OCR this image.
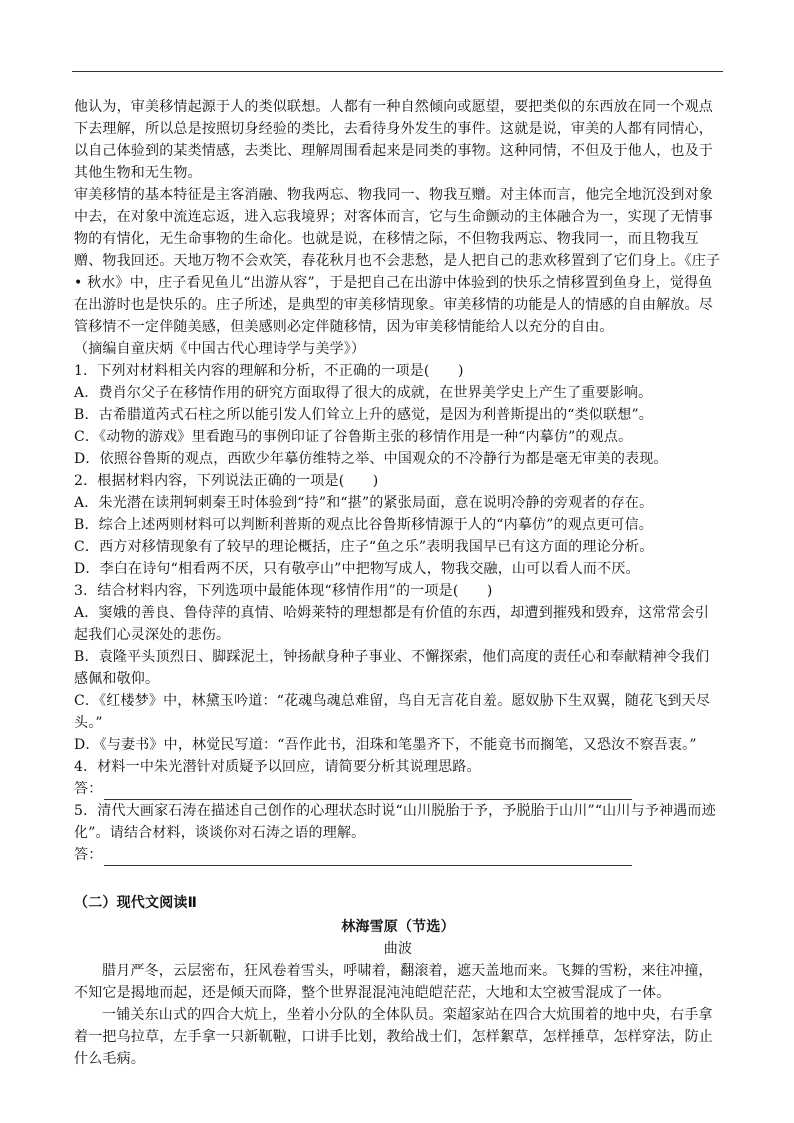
他认为，审美移情起源于人的类似联想。人都有一种自然倾向或愿望，要把类似的东西放在同一个观点下去理解，所以总是按照切身经验的类比，去看待身外发生的事件。这就是说，审美的人都有同情心，以自己体验到的某类情感，去类比、理解周围看起来是同类的事物。这种同情，不但及于他人，也及于其他生物和无生物。

审美移情的基本特征是主客消融、物我两忘、物我同一、物我互赠。对主体而言，他完全地沉没到对象中去，在对象中流连忘返，进入忘我境界；对客体而言，它与生命颤动的主体融合为一，实现了无情事物的有情化，无生命事物的生命化。也就是说，在移情之际，不但物我两忘、物我同一，而且物我互赠、物我回还。天地万物不会欢笑，春花秋月也不会悲愁，是人把自己的悲欢移置到了它们身上。《庄子 • 秋水》中，庄子看见鱼儿“出游从容”，于是把自己在出游中体验到的快乐之情移置到鱼身上，觉得鱼在出游时也是快乐的。庄子所述，是典型的审美移情现象。审美移情的功能是人的情感的自由解放。尽管移情不一定伴随美感，但美感则必定伴随移情，因为审美移情能给人以充分的自由。

（摘编自童庆炳《中国古代心理诗学与美学》）

1．下列对材料相关内容的理解和分析，不正确的一项是(　　)

A．费肖尔父子在移情作用的研究方面取得了很大的成就，在世界美学史上产生了重要影响。

B．古希腊道芮式石柱之所以能引发人们耸立上升的感觉，是因为利普斯提出的“类似联想”。

C．《动物的游戏》里看跑马的事例印证了谷鲁斯主张的移情作用是一种“内摹仿”的观点。

D．依照谷鲁斯的观点，西欧少年摹仿维特之举、中国观众的不冷静行为都是毫无审美的表现。

2．根据材料内容，下列说法正确的一项是(　　)

A．朱光潜在读荆轲刺秦王时体验到“持”和“揕”的紧张局面，意在说明冷静的旁观者的存在。

B．综合上述两则材料可以判断利普斯的观点比谷鲁斯移情源于人的“内摹仿”的观点更可信。

C．西方对移情现象有了较早的理论概括，庄子“鱼之乐”表明我国早已有这方面的理论分析。

D．李白在诗句“相看两不厌，只有敬亭山”中把物写成人，物我交融，山可以看人而不厌。

3．结合材料内容，下列选项中最能体现“移情作用”的一项是(　　)

A．窦娥的善良、鲁侍萍的真情、哈姆莱特的理想都是有价值的东西，却遭到摧残和毁弃，这常常会引起我们心灵深处的悲伤。

B．袁隆平头顶烈日、脚踩泥土，钟扬献身种子事业、不懈探索，他们高度的责任心和奉献精神令我们感佩和敬仰。

C．《红楼梦》中，林黛玉吟道：“花魂鸟魂总难留，鸟自无言花自羞。愿奴胁下生双翼，随花飞到天尽头。”

D．《与妻书》中，林觉民写道：“吾作此书，泪珠和笔墨齐下，不能竟书而搁笔，又恐汝不察吾衷。”

4．材料一中朱光潜针对质疑予以回应，请简要分析其说理思路。

答：

5．清代大画家石涛在描述自己创作的心理状态时说“山川脱胎于予，予脱胎于山川”“山川与予神遇而迹化”。请结合材料，谈谈你对石涛之语的理解。

答：

（二）现代文阅读Ⅱ

林海雪原（节选）

曲波

腊月严冬，云层密布，狂风卷着雪头，呼啸着，翻滚着，遮天盖地而来。飞舞的雪粉，来往冲撞，不知它是揭地而起，还是倾天而降，整个世界混混沌沌皑皑茫茫，大地和太空被雪混成了一体。

一铺关东山式的四合大炕上，坐着小分队的全体队员。栾超家站在四合大炕围着的地中央，右手拿着一把乌拉草，左手拿一只新靰鞡，口讲手比划，教给战士们，怎样絮草，怎样捶草，怎样穿法，防止什么毛病。
